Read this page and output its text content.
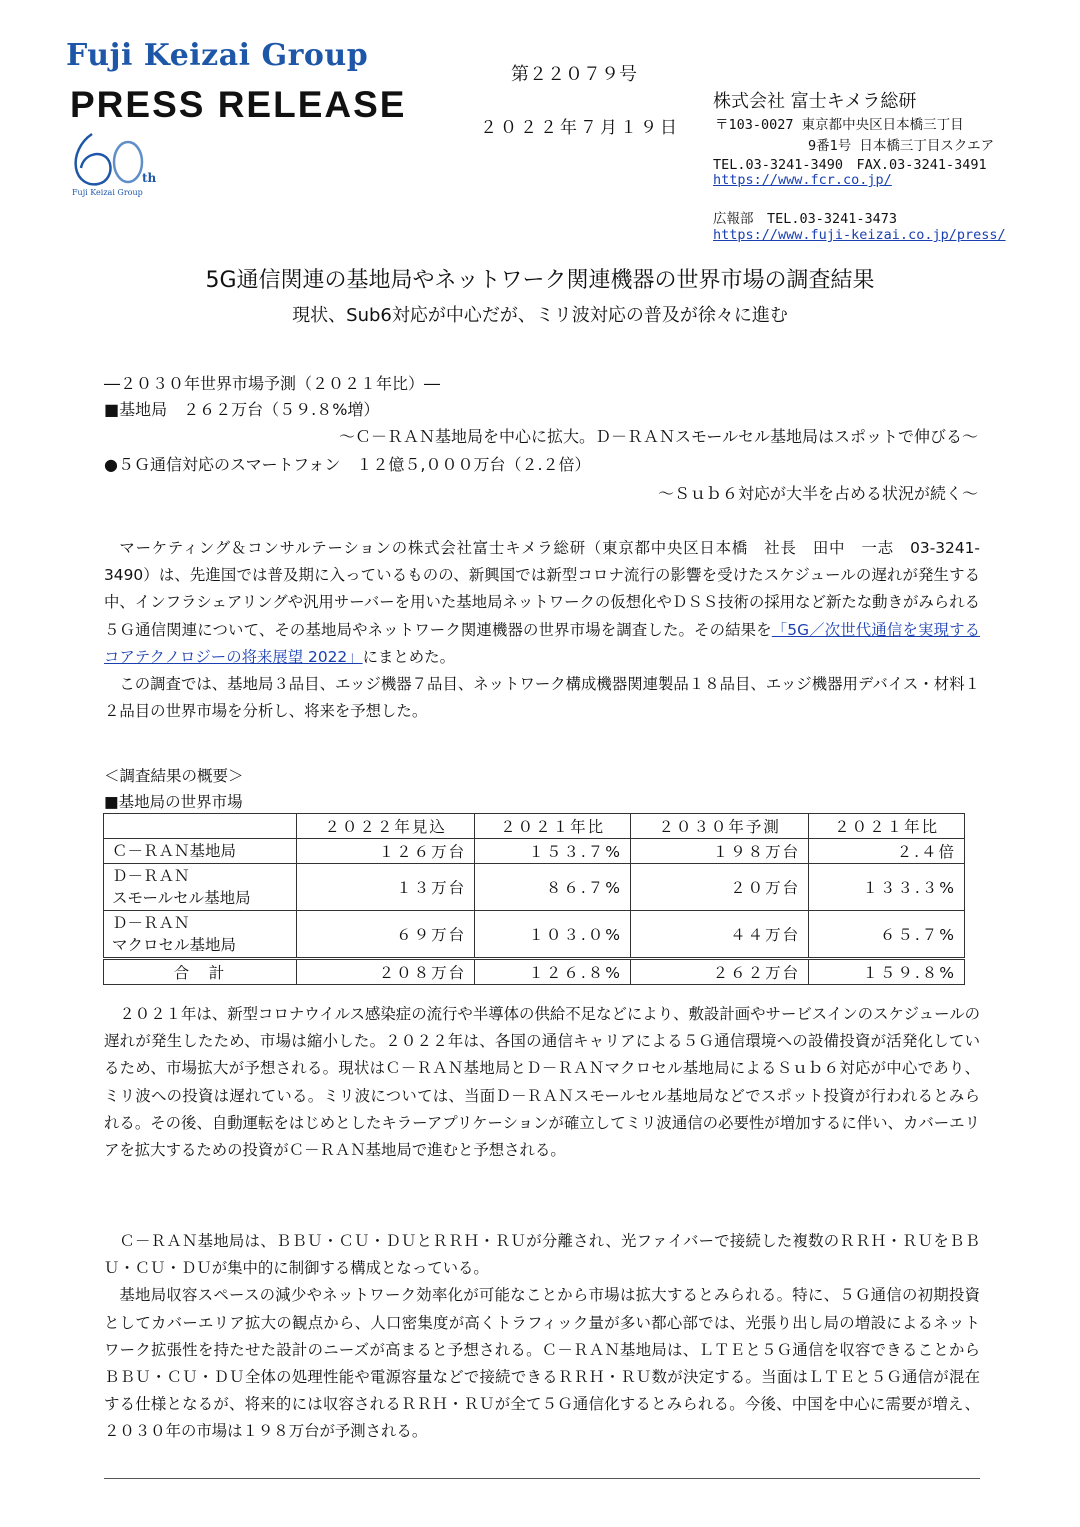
Fuji Keizai Group
PRESS RELEASE
th
Fuji Keizai Group
第２２０７９号
２０２２年７月１９日
株式会社 富士キメラ総研
〒103-0027 東京都中央区日本橋三丁目
9番1号 日本橋三丁目スクエア
TEL.03-3241-3490　FAX.03-3241-3491
https://www.fcr.co.jp/
広報部　TEL.03-3241-3473
https://www.fuji-keizai.co.jp/press/
5G通信関連の基地局やネットワーク関連機器の世界市場の調査結果
現状、Sub6対応が中心だが、ミリ波対応の普及が徐々に進む
―２０３０年世界市場予測（２０２１年比）―
■基地局　２６２万台（５９.８%増）
～Ｃ－ＲＡＮ基地局を中心に拡大。Ｄ－ＲＡＮスモールセル基地局はスポットで伸びる～
●５Ｇ通信対応のスマートフォン　１２億５,０００万台（２.２倍）
～Ｓｕｂ６対応が大半を占める状況が続く～

マーケティング＆コンサルテーションの株式会社富士キメラ総研（東京都中央区日本橋　社長　田中　一志　03-3241-3490）は、先進国では普及期に入っているものの、新興国では新型コロナ流行の影響を受けたスケジュールの遅れが発生する中、インフラシェアリングや汎用サーバーを用いた基地局ネットワークの仮想化やＤＳＳ技術の採用など新たな動きがみられる５Ｇ通信関連について、その基地局やネットワーク関連機器の世界市場を調査した。その結果を「5G／次世代通信を実現するコアテクノロジーの将来展望 2022」にまとめた。

この調査では、基地局３品目、エッジ機器７品目、ネットワーク構成機器関連製品１８品目、エッジ機器用デバイス・材料１２品目の世界市場を分析し、将来を予想した。

＜調査結果の概要＞
■基地局の世界市場
	２０２２年見込	２０２１年比	２０３０年予測	２０２１年比

Ｃ－ＲＡＮ基地局	１２６万台	１５３.７%	１９８万台	２.４倍

Ｄ－ＲＡＮ
スモールセル基地局	１３万台	８６.７%	２０万台	１３３.３%

Ｄ－ＲＡＮ
マクロセル基地局	６９万台	１０３.０%	４４万台	６５.７%
合　計	２０８万台	１２６.８%	２６２万台	１５９.８%

２０２１年は、新型コロナウイルス感染症の流行や半導体の供給不足などにより、敷設計画やサービスインのスケジュールの遅れが発生したため、市場は縮小した。２０２２年は、各国の通信キャリアによる５Ｇ通信環境への設備投資が活発化しているため、市場拡大が予想される。現状はＣ－ＲＡＮ基地局とＤ－ＲＡＮマクロセル基地局によるＳｕｂ６対応が中心であり、ミリ波への投資は遅れている。ミリ波については、当面Ｄ－ＲＡＮスモールセル基地局などでスポット投資が行われるとみられる。その後、自動運転をはじめとしたキラーアプリケーションが確立してミリ波通信の必要性が増加するに伴い、カバーエリアを拡大するための投資がＣ－ＲＡＮ基地局で進むと予想される。

Ｃ－ＲＡＮ基地局は、ＢＢＵ・ＣＵ・ＤＵとＲＲＨ・ＲＵが分離され、光ファイバーで接続した複数のＲＲＨ・ＲＵをＢＢＵ・ＣＵ・ＤＵが集中的に制御する構成となっている。

基地局収容スペースの減少やネットワーク効率化が可能なことから市場は拡大するとみられる。特に、５Ｇ通信の初期投資としてカバーエリア拡大の観点から、人口密集度が高くトラフィック量が多い都心部では、光張り出し局の増設によるネットワーク拡張性を持たせた設計のニーズが高まると予想される。Ｃ－ＲＡＮ基地局は、ＬＴＥと５Ｇ通信を収容できることからＢＢＵ・ＣＵ・ＤＵ全体の処理性能や電源容量などで接続できるＲＲＨ・ＲＵ数が決定する。当面はＬＴＥと５Ｇ通信が混在する仕様となるが、将来的には収容されるＲＲＨ・ＲＵが全て５Ｇ通信化するとみられる。今後、中国を中心に需要が増え、２０３０年の市場は１９８万台が予測される。
